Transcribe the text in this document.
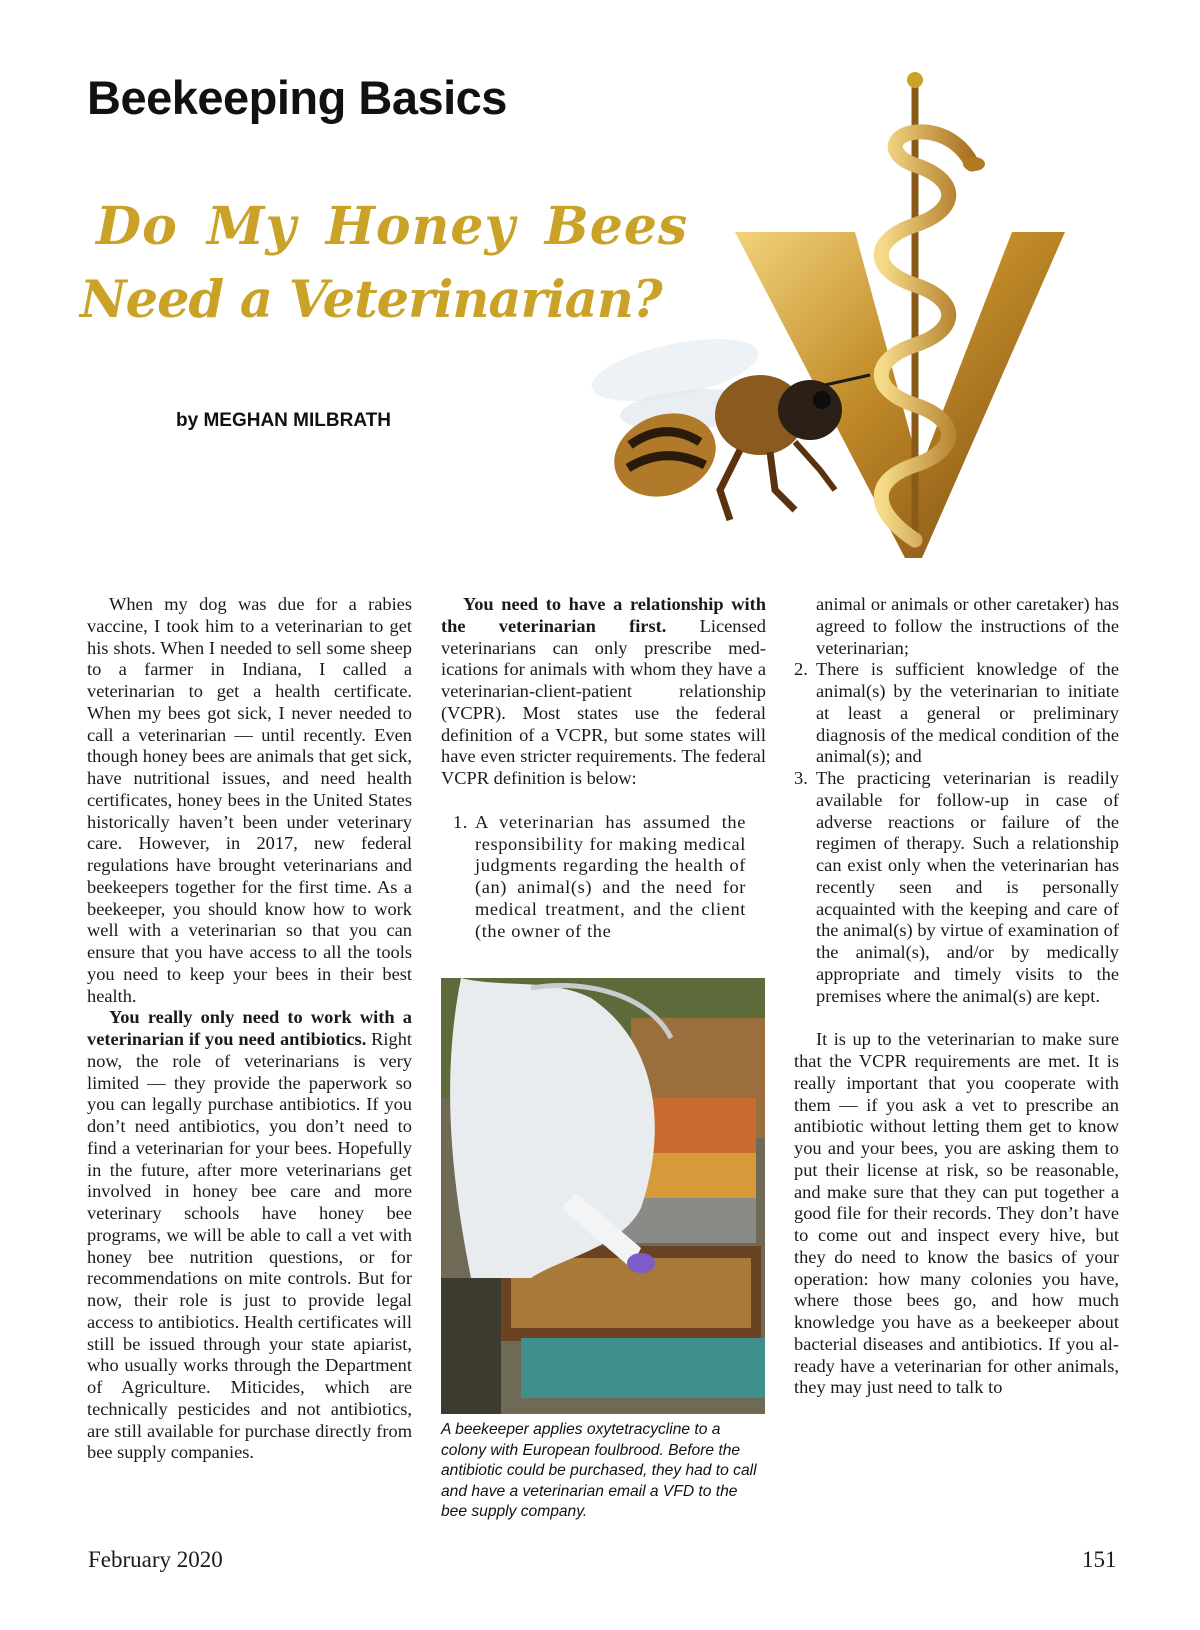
Beekeeping Basics
Do My Honey Bees
Need a Veterinarian?
by MEGHAN MILBRATH

When my dog was due for a rabies vaccine, I took him to a veterinarian to get his shots. When I needed to sell some sheep to a farmer in Indiana, I called a veterinarian to get a health certificate. When my bees got sick, I never needed to call a veterinarian — until recently. Even though honey bees are animals that get sick, have nutritional issues, and need health certificates, honey bees in the United States historically haven’t been under veterinary care. However, in 2017, new federal regulations have brought veterinarians and beekeepers together for the first time. As a beekeeper, you should know how to work well with a veterinarian so that you can ensure that you have access to all the tools you need to keep your bees in their best health.

You really only need to work with a veterinarian if you need antibiotics. Right now, the role of veterinarians is very limited — they provide the paperwork so you can legally purchase antibiotics. If you don’t need antibiotics, you don’t need to find a veterinarian for your bees. Hopefully in the future, after more veterinarians get involved in honey bee care and more veterinary schools have honey bee programs, we will be able to call a vet with honey bee nutrition questions, or for recommendations on mite controls. But for now, their role is just to provide legal access to antibiotics. Health certificates will still be issued through your state apiarist, who usually works through the Department of Agriculture. Miticides, which are technically pesticides and not antibiotics, are still available for purchase directly from bee supply companies.

You need to have a relationship with the veterinarian first. Licensed veterinarians can only prescribe medications for animals with whom they have a veterinarian-client-patient relationship (VCPR). Most states use the federal definition of a VCPR, but some states will have even stricter requirements. The federal VCPR definition is below:

1. A veterinarian has assumed the responsibility for making medical judgments regarding the health of (an) animal(s) and the need for medical treatment, and the client (the owner of the

A beekeeper applies oxytetracycline to a colony with European foulbrood. Before the antibiotic could be purchased, they had to call and have a veterinarian email a VFD to the bee supply company.

animal or animals or other caretaker) has agreed to follow the instructions of the veterinarian;
2. There is sufficient knowledge of the animal(s) by the veterinarian to initiate at least a general or preliminary diagnosis of the medical condition of the animal(s); and
3. The practicing veterinarian is readily available for follow-up in case of adverse reactions or failure of the regimen of therapy. Such a relationship can exist only when the veterinarian has recently seen and is personally acquainted with the keeping and care of the animal(s) by virtue of examination of the animal(s), and/or by medically appropriate and timely visits to the premises where the animal(s) are kept.

It is up to the veterinarian to make sure that the VCPR requirements are met. It is really important that you cooperate with them — if you ask a vet to prescribe an antibiotic without letting them get to know you and your bees, you are asking them to put their license at risk, so be reasonable, and make sure that they can put together a good file for their records. They don’t have to come out and inspect every hive, but they do need to know the basics of your operation: how many colonies you have, where those bees go, and how much knowledge you have as a beekeeper about bacterial diseases and antibiotics. If you already have a veterinarian for other animals, they may just need to talk to

February 2020	151
